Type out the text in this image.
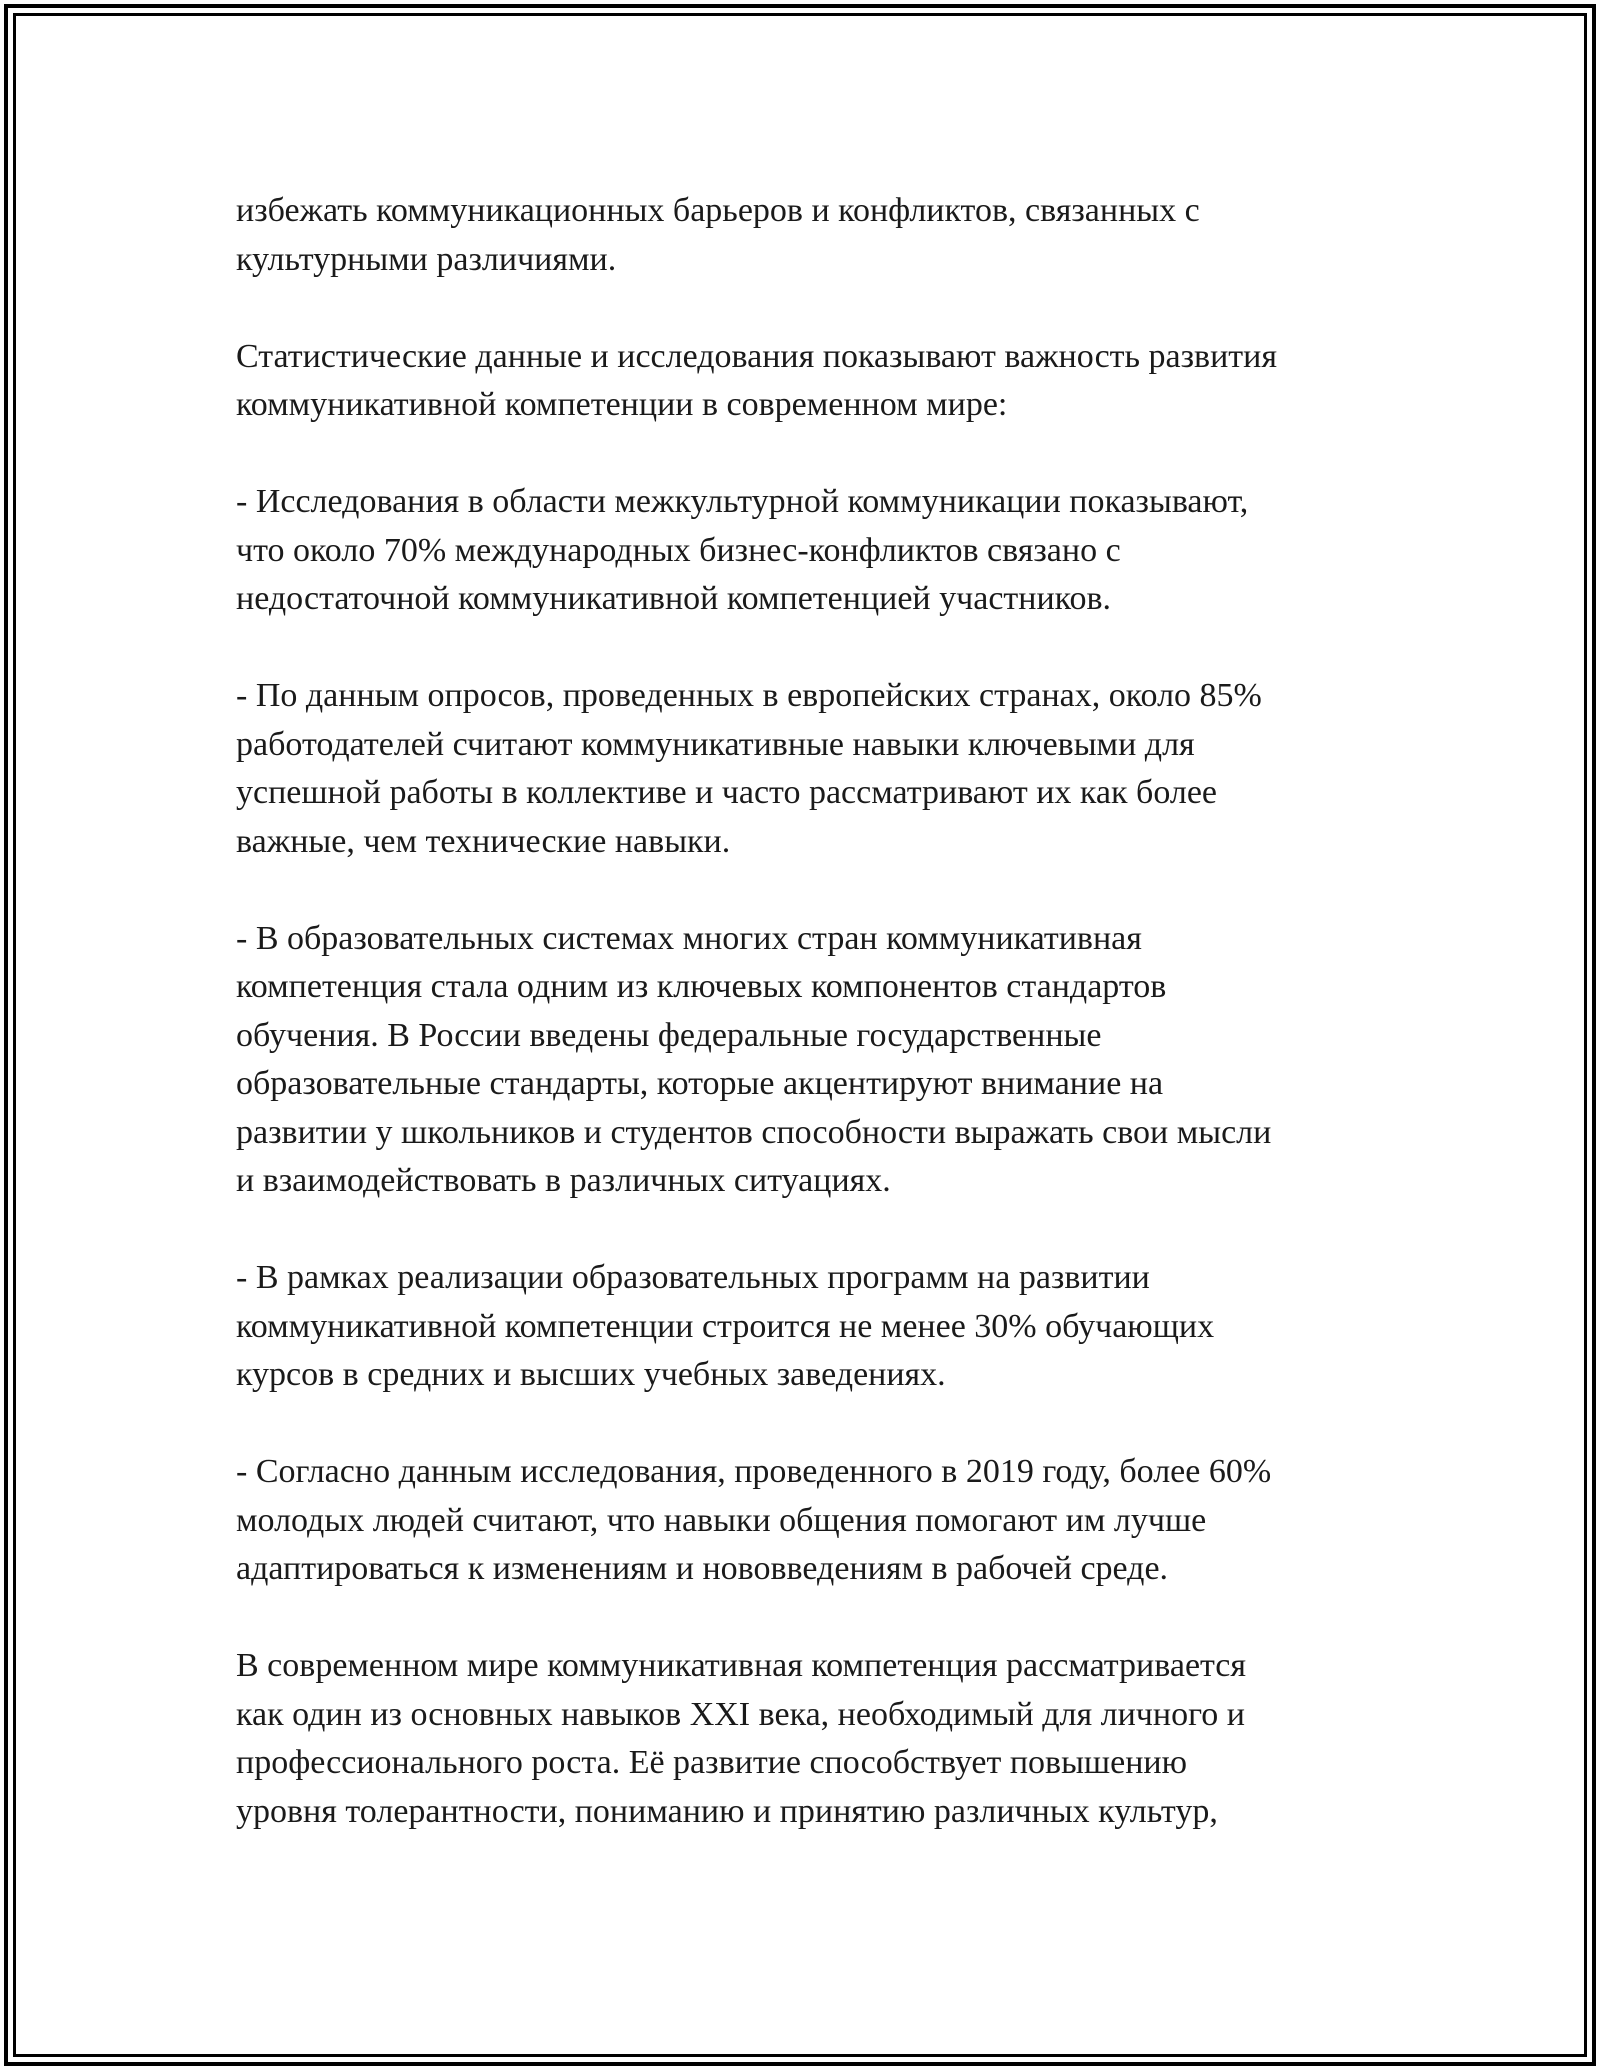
избежать коммуникационных барьеров и конфликтов, связанных с
культурными различиями.

Статистические данные и исследования показывают важность развития
коммуникативной компетенции в современном мире:

- Исследования в области межкультурной коммуникации показывают,
что около 70% международных бизнес-конфликтов связано с
недостаточной коммуникативной компетенцией участников.

- По данным опросов, проведенных в европейских странах, около 85%
работодателей считают коммуникативные навыки ключевыми для
успешной работы в коллективе и часто рассматривают их как более
важные, чем технические навыки.

- В образовательных системах многих стран коммуникативная
компетенция стала одним из ключевых компонентов стандартов
обучения. В России введены федеральные государственные
образовательные стандарты, которые акцентируют внимание на
развитии у школьников и студентов способности выражать свои мысли
и взаимодействовать в различных ситуациях.

- В рамках реализации образовательных программ на развитии
коммуникативной компетенции строится не менее 30% обучающих
курсов в средних и высших учебных заведениях.

- Согласно данным исследования, проведенного в 2019 году, более 60%
молодых людей считают, что навыки общения помогают им лучше
адаптироваться к изменениям и нововведениям в рабочей среде.

В современном мире коммуникативная компетенция рассматривается
как один из основных навыков XXI века, необходимый для личного и
профессионального роста. Её развитие способствует повышению
уровня толерантности, пониманию и принятию различных культур,
